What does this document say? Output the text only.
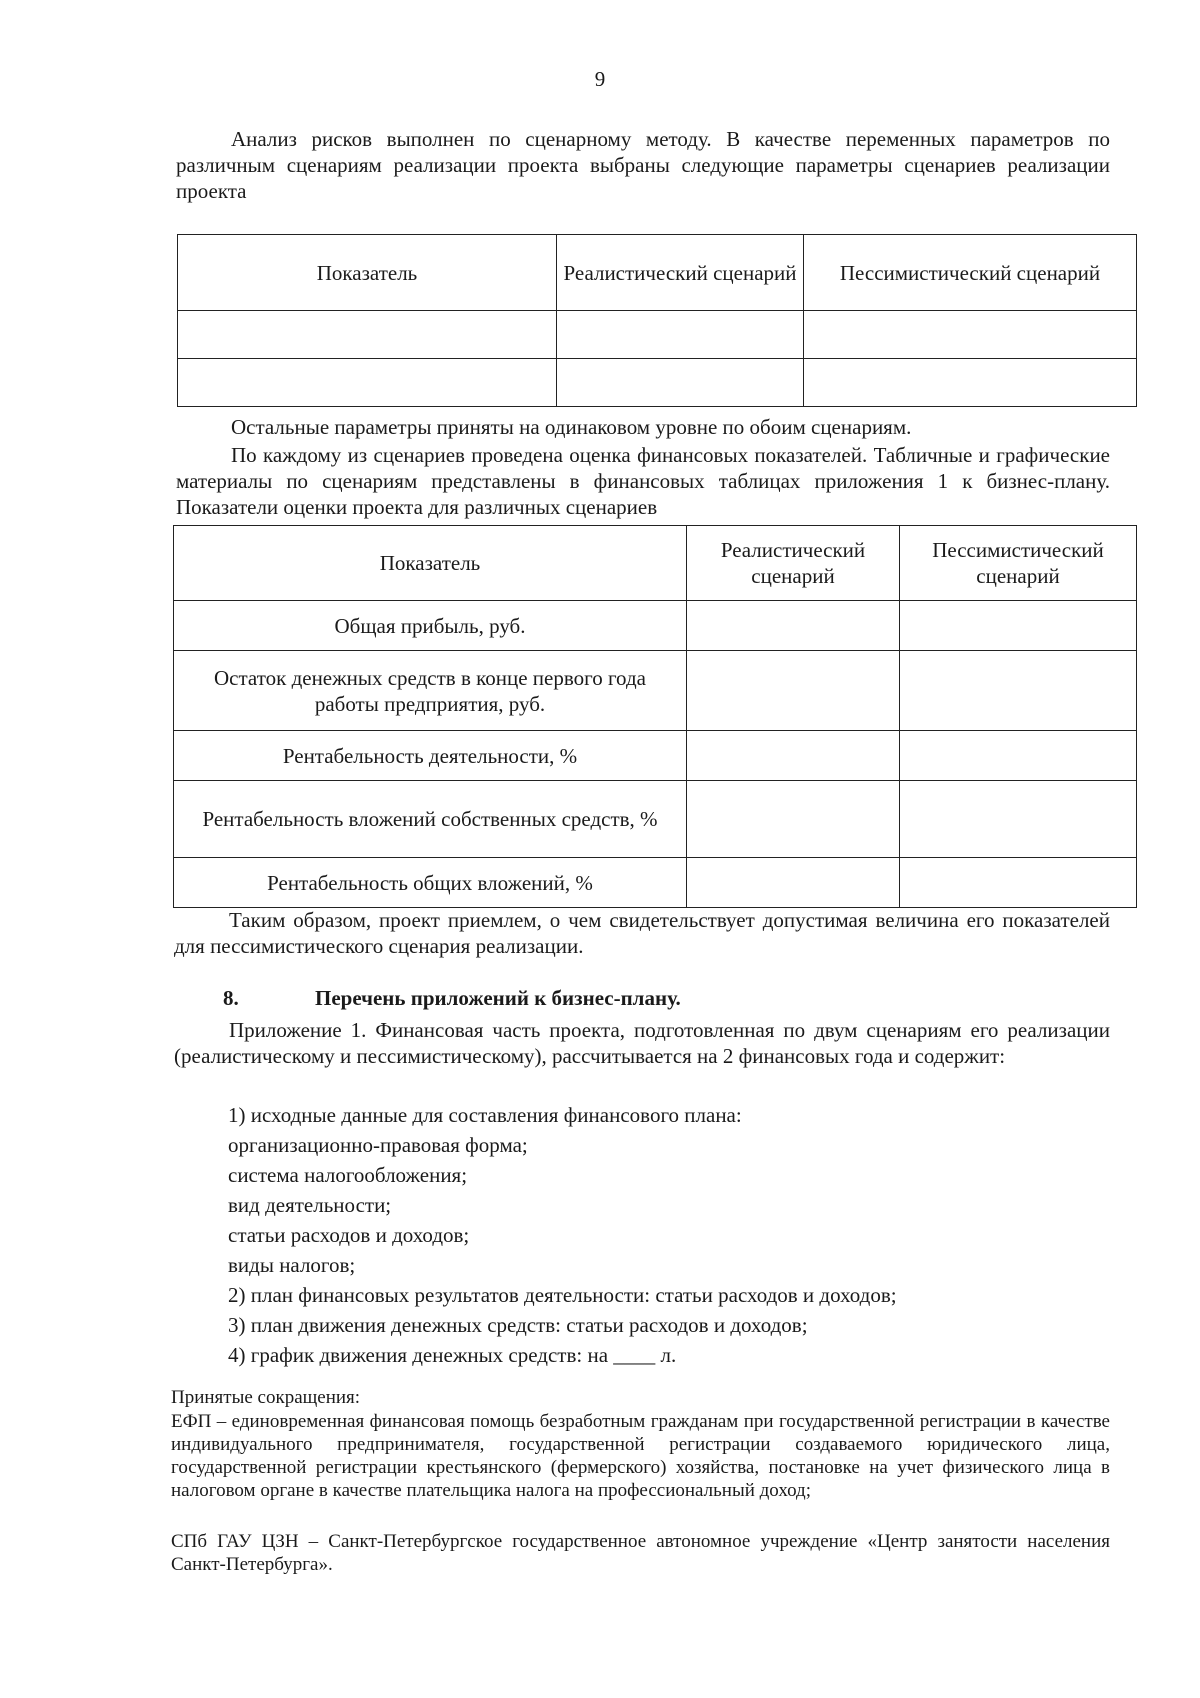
9
Анализ рисков выполнен по сценарному методу. В качестве переменных параметров по различным сценариям реализации проекта выбраны следующие параметры сценариев реализации проекта
Показатель	Реалистический сценарий	Пессимистический сценарий

Остальные параметры приняты на одинаковом уровне по обоим сценариям.
По каждому из сценариев проведена оценка финансовых показателей. Табличные и графические материалы по сценариям представлены в финансовых таблицах приложения 1 к бизнес-плану. Показатели оценки проекта для различных сценариев
Показатель	Реалистический сценарий	Пессимистический сценарий
Общая прибыль, руб.		
Остаток денежных средств в конце первого года работы предприятия, руб.		
Рентабельность деятельности, %		
Рентабельность вложений собственных средств, %		
Рентабельность общих вложений, %		
Таким образом, проект приемлем, о чем свидетельствует допустимая величина его показателей для пессимистического сценария реализации.
8.	Перечень приложений к бизнес-плану.
Приложение 1. Финансовая часть проекта, подготовленная по двум сценариям его реализации (реалистическому и пессимистическому), рассчитывается на 2 финансовых года и содержит:
1) исходные данные для составления финансового плана:
организационно-правовая форма;
система налогообложения;
вид деятельности;
статьи расходов и доходов;
виды налогов;
2) план финансовых результатов деятельности: статьи расходов и доходов;
3) план движения денежных средств: статьи расходов и доходов;
4) график движения денежных средств: на ____ л.
Принятые сокращения:
ЕФП – единовременная финансовая помощь безработным гражданам при государственной регистрации в качестве индивидуального предпринимателя, государственной регистрации создаваемого юридического лица, государственной регистрации крестьянского (фермерского) хозяйства, постановке на учет физического лица в налоговом органе в качестве плательщика налога на профессиональный доход;
СПб ГАУ ЦЗН – Санкт-Петербургское государственное автономное учреждение «Центр занятости населения Санкт-Петербурга».
